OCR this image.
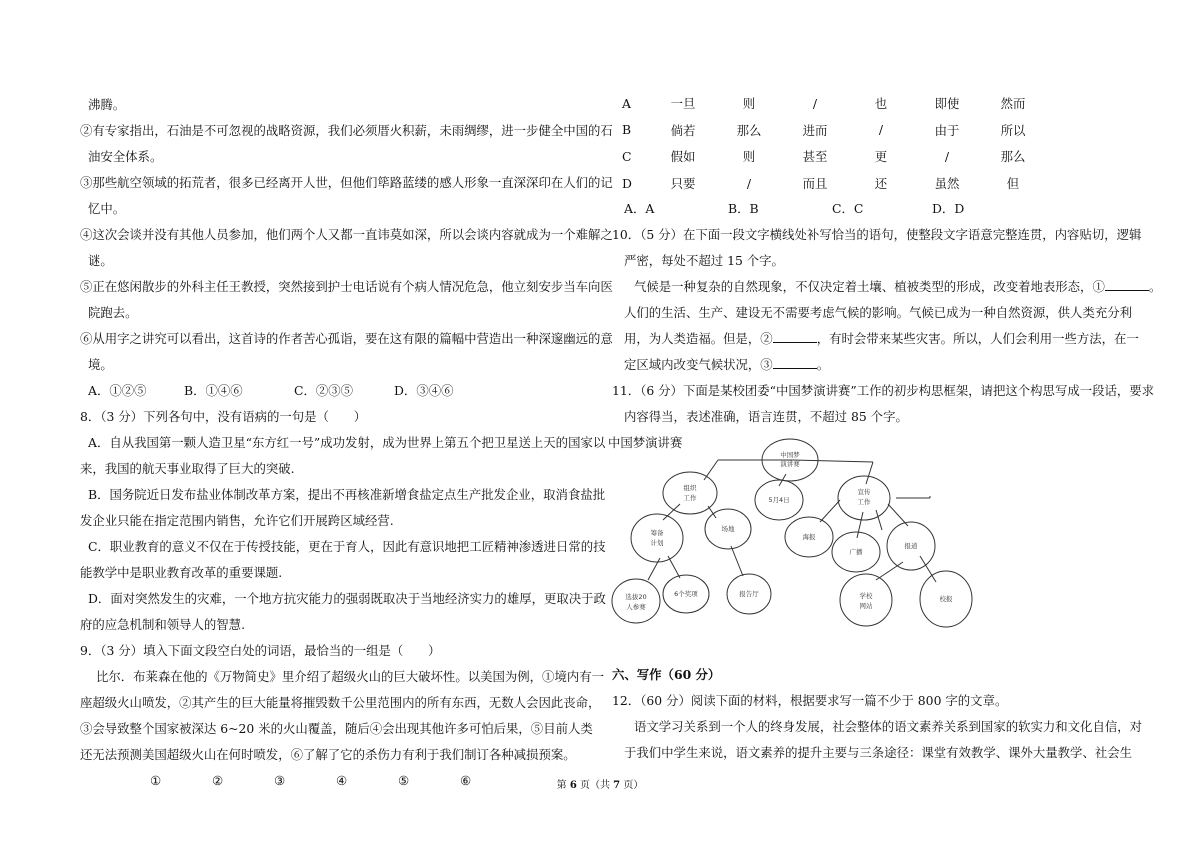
沸腾。
②有专家指出，石油是不可忽视的战略资源，我们必须厝火积薪，未雨绸缪，进一步健全中国的石
油安全体系。
③那些航空领域的拓荒者，很多已经离开人世，但他们筚路蓝缕的感人形象一直深深印在人们的记
忆中。
④这次会谈并没有其他人员参加，他们两个人又都一直讳莫如深，所以会谈内容就成为一个难解之
谜。
⑤正在悠闲散步的外科主任王教授，突然接到护士电话说有个病人情况危急，他立刻安步当车向医
院跑去。
⑥从用字之讲究可以看出，这首诗的作者苦心孤诣，要在这有限的篇幅中营造出一种深邃幽远的意
境。
A．①②⑤	B．①④⑥	C．②③⑤	D．③④⑥
8．（3 分）下列各句中，没有语病的一句是（　　）
A．自从我国第一颗人造卫星“东方红一号”成功发射，成为世界上第五个把卫星送上天的国家以
来，我国的航天事业取得了巨大的突破.
B．国务院近日发布盐业体制改革方案，提出不再核准新增食盐定点生产批发企业，取消食盐批
发企业只能在指定范围内销售，允许它们开展跨区域经营.
C．职业教育的意义不仅在于传授技能，更在于育人，因此有意识地把工匠精神渗透进日常的技
能教学中是职业教育改革的重要课题.
D．面对突然发生的灾难，一个地方抗灾能力的强弱既取决于当地经济实力的雄厚，更取决于政
府的应急机制和领导人的智慧.
9．（3 分）填入下面文段空白处的词语，最恰当的一组是（　　）
比尔．布莱森在他的《万物简史》里介绍了超级火山的巨大破坏性。以美国为例，①境内有一
座超级火山喷发，②其产生的巨大能量将摧毁数千公里范围内的所有东西，无数人会因此丧命，
③会导致整个国家被深达 6~20 米的火山覆盖，随后④会出现其他许多可怕后果，⑤目前人类
还无法预测美国超级火山在何时喷发，⑥了解了它的杀伤力有利于我们制订各种减损预案。
①	②	③	④	⑤	⑥
A	一旦	则	/	也	即使	然而
B	倘若	那么	进而	/	由于	所以
C	假如	则	甚至	更	/	那么
D	只要	/	而且	还	虽然	但
A．A	B．B	C．C	D．D
10．（5 分）在下面一段文字横线处补写恰当的语句，使整段文字语意完整连贯，内容贴切，逻辑
严密，每处不超过 15 个字。
气候是一种复杂的自然现象，不仅决定着土壤、植被类型的形成，改变着地表形态，①	。
人们的生活、生产、建设无不需要考虑气候的影响。气候已成为一种自然资源，供人类充分利
用，为人类造福。但是，②	，有时会带来某些灾害。所以，人们会利用一些方法，在一
定区域内改变气候状况，③	。
11．（6 分）下面是某校团委“中国梦演讲赛”工作的初步构思框架，请把这个构思写成一段话，要求
内容得当，表述准确，语言连贯，不超过 85 个字。
中国梦演讲赛
中国梦
演讲赛
组织
工作	5月4日
宣传
工作
筹备
计划
场地
海报
广播
报道
选拔20
人参赛
6个奖项	报告厅	学校
网站
校报
六、写作（60 分）
12．（60 分）阅读下面的材料，根据要求写一篇不少于 800 字的文章。
语文学习关系到一个人的终身发展，社会整体的语文素养关系到国家的软实力和文化自信，对
于我们中学生来说，语文素养的提升主要与三条途径：课堂有效教学、课外大量教学、社会生
第 6 页（共 7 页）
